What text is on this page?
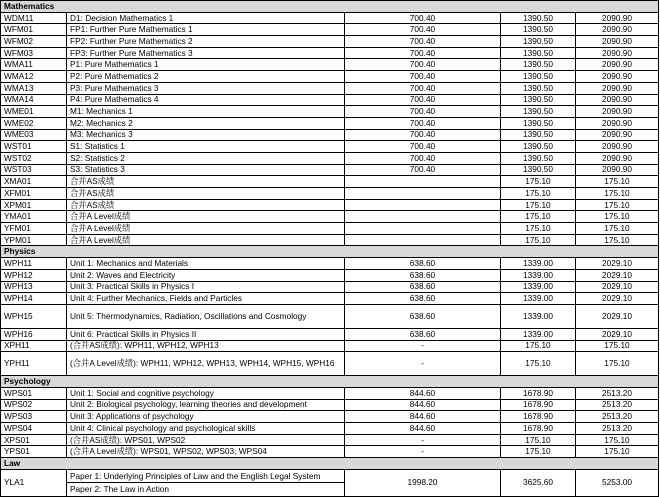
Mathematics				
WDM11	D1: Decision Mathematics 1	700.40	1390.50	2090.90
WFM01	FP1: Further Pure Mathematics 1	700.40	1390.50	2090.90
WFM02	FP2: Further Pure Mathematics 2	700.40	1390.50	2090.90
WFM03	FP3: Further Pure Mathematics 3	700.40	1390.50	2090.90
WMA11	P1: Pure Mathematics 1	700.40	1390.50	2090.90
WMA12	P2: Pure Mathematics 2	700.40	1390.50	2090.90
WMA13	P3: Pure Mathematics 3	700.40	1390.50	2090.90
WMA14	P4: Pure Mathematics 4	700.40	1390.50	2090.90
WME01	M1: Mechanics 1	700.40	1390.50	2090.90
WME02	M2: Mechanics 2	700.40	1390.50	2090.90
WME03	M3: Mechanics 3	700.40	1390.50	2090.90
WST01	S1: Statistics 1	700.40	1390.50	2090.90
WST02	S2: Statistics 2	700.40	1390.50	2090.90
WST03	S3: Statistics 3	700.40	1390.50	2090.90
XMA01	合并AS成绩		175.10	175.10
XFM01	合并AS成绩		175.10	175.10
XPM01	合并AS成绩		175.10	175.10
YMA01	合并A Level成绩		175.10	175.10
YFM01	合并A Level成绩		175.10	175.10
YPM01	合并A Level成绩		175.10	175.10
Physics				
WPH11	Unit 1: Mechanics and Materials	638.60	1339.00	2029.10
WPH12	Unit 2: Waves and Electricity	638.60	1339.00	2029.10
WPH13	Unit 3: Practical Skills in Physics I	638.60	1339.00	2029.10
WPH14	Unit 4: Further Mechanics, Fields and Particles	638.60	1339.00	2029.10
WPH15	Unit 5: Thermodynamics, Radiation, Oscillations and Cosmology	638.60	1339.00	2029.10
WPH16	Unit 6: Practical Skills in Physics II	638.60	1339.00	2029.10
XPH11	(合并AS成绩): WPH11, WPH12, WPH13	-	175.10	175.10
YPH11	(合并A Level成绩): WPH11, WPH12, WPH13, WPH14, WPH15, WPH16	-	175.10	175.10
Psychology				
WPS01	Unit 1: Social and cognitive psychology	844.60	1678.90	2513.20
WPS02	Unit 2: Biological psychology, learning theories and development	844.60	1678.90	2513.20
WPS03	Unit 3: Applications of psychology	844.60	1678.90	2513.20
WPS04	Unit 4: Clinical psychology and psychological skills	844.60	1678.90	2513.20
XPS01	(合并AS成绩): WPS01, WPS02	-	175.10	175.10
YPS01	(合并A Level成绩): WPS01, WPS02, WPS03, WPS04	-	175.10	175.10
Law				
YLA1	Paper 1: Underlying Principles of Law and the English Legal System	1998.20	3625.60	5253.00
	Paper 2: The Law in Action			
